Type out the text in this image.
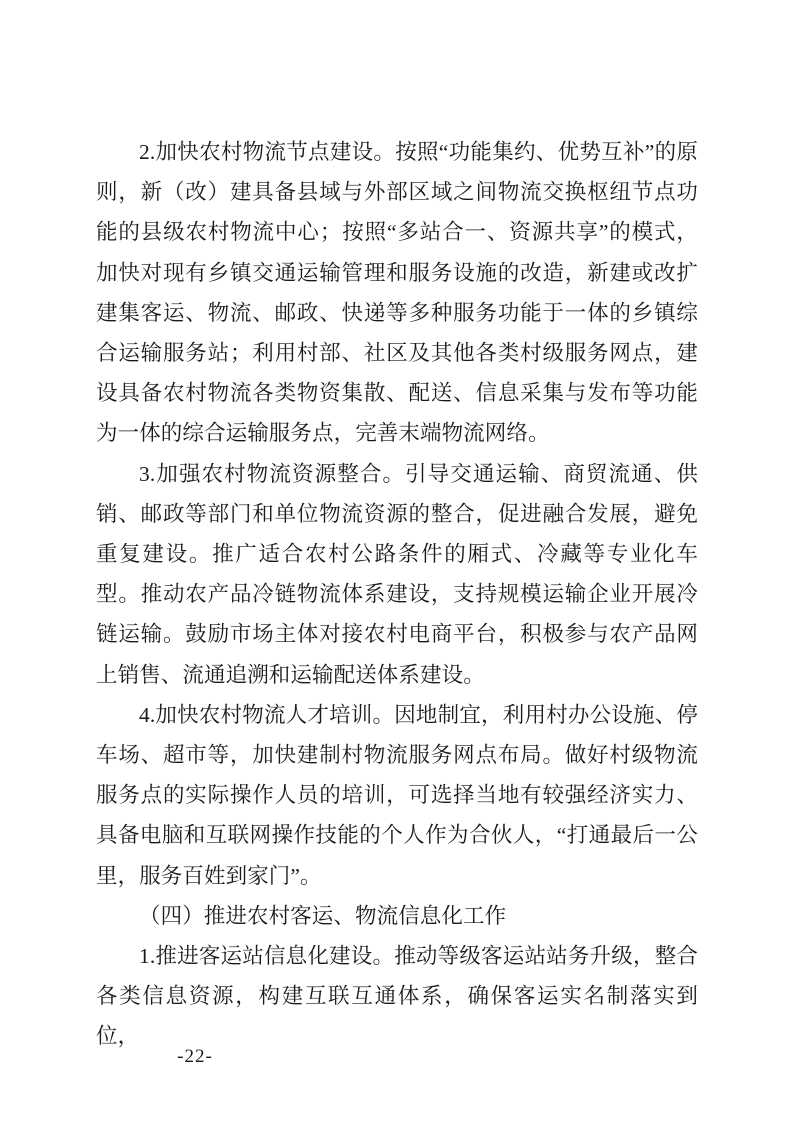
2.加快农村物流节点建设。按照“功能集约、优势互补”的原则，新（改）建具备县域与外部区域之间物流交换枢纽节点功能的县级农村物流中心；按照“多站合一、资源共享”的模式，加快对现有乡镇交通运输管理和服务设施的改造，新建或改扩建集客运、物流、邮政、快递等多种服务功能于一体的乡镇综合运输服务站；利用村部、社区及其他各类村级服务网点，建设具备农村物流各类物资集散、配送、信息采集与发布等功能为一体的综合运输服务点，完善末端物流网络。

3.加强农村物流资源整合。引导交通运输、商贸流通、供销、邮政等部门和单位物流资源的整合，促进融合发展，避免重复建设。推广适合农村公路条件的厢式、冷藏等专业化车型。推动农产品冷链物流体系建设，支持规模运输企业开展冷链运输。鼓励市场主体对接农村电商平台，积极参与农产品网上销售、流通追溯和运输配送体系建设。

4.加快农村物流人才培训。因地制宜，利用村办公设施、停车场、超市等，加快建制村物流服务网点布局。做好村级物流服务点的实际操作人员的培训，可选择当地有较强经济实力、具备电脑和互联网操作技能的个人作为合伙人，“打通最后一公里，服务百姓到家门”。

（四）推进农村客运、物流信息化工作

1.推进客运站信息化建设。推动等级客运站站务升级，整合各类信息资源，构建互联互通体系，确保客运实名制落实到位，

-22-
